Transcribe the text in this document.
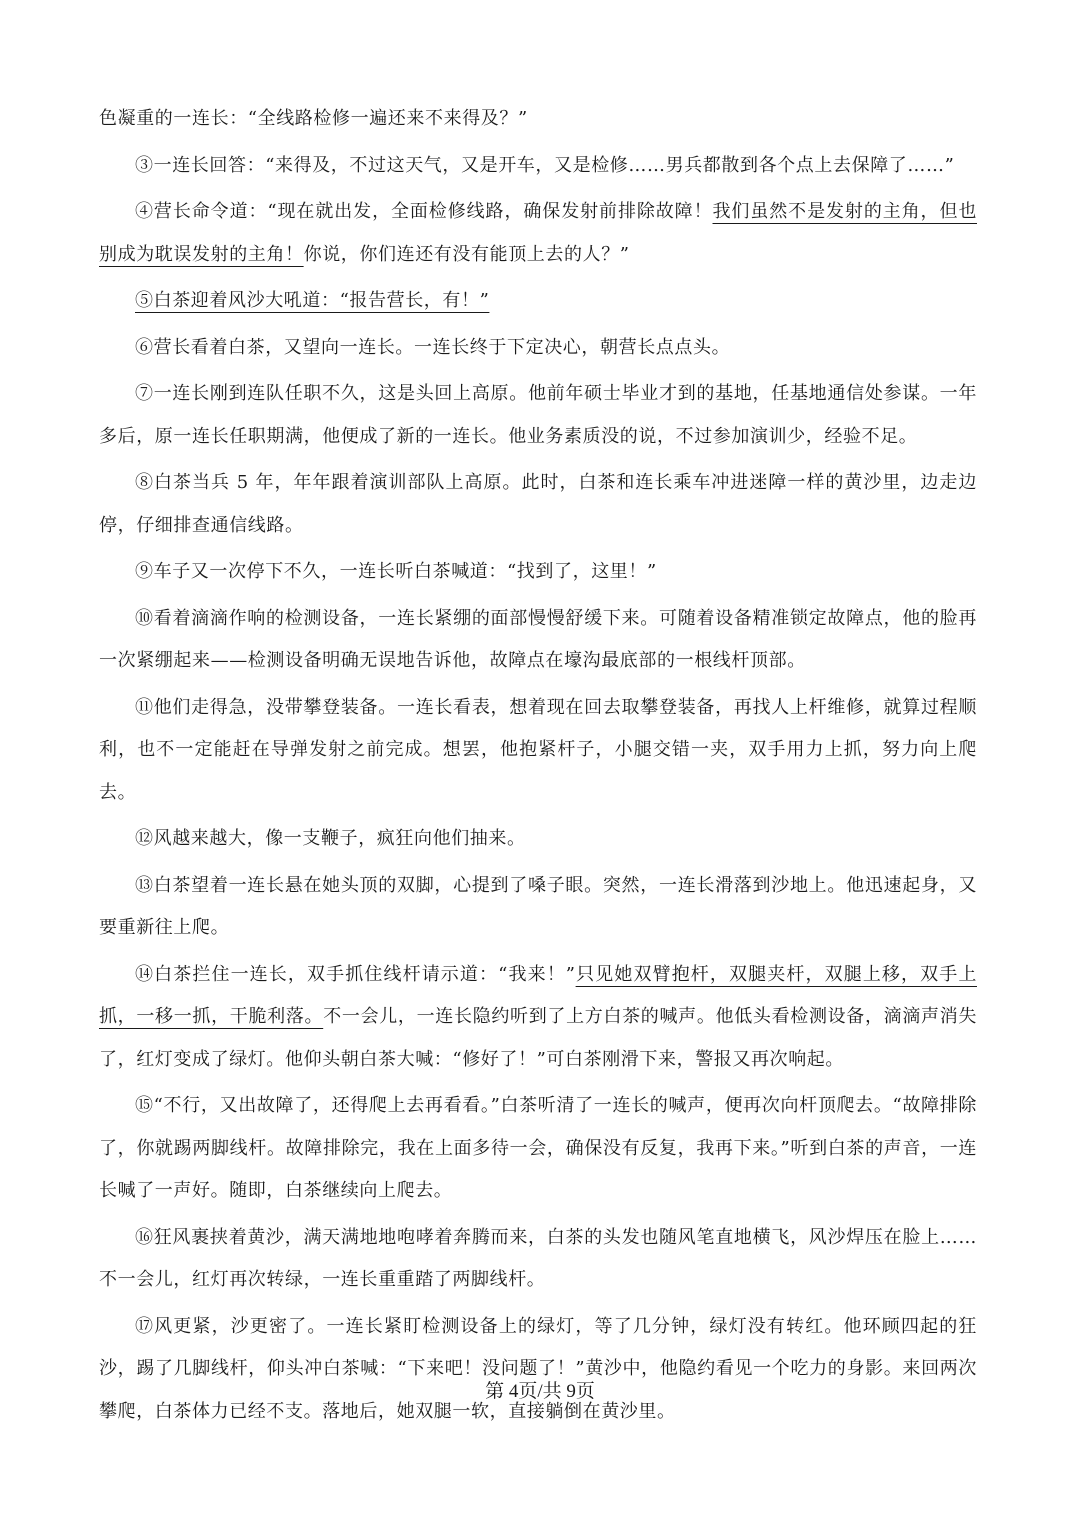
色凝重的一连长：“全线路检修一遍还来不来得及？”

③一连长回答：“来得及，不过这天气，又是开车，又是检修……男兵都散到各个点上去保障了……”

④营长命令道：“现在就出发，全面检修线路，确保发射前排除故障！我们虽然不是发射的主角，但也别成为耽误发射的主角！你说，你们连还有没有能顶上去的人？”

⑤白茶迎着风沙大吼道：“报告营长，有！”

⑥营长看着白茶，又望向一连长。一连长终于下定决心，朝营长点点头。

⑦一连长刚到连队任职不久，这是头回上高原。他前年硕士毕业才到的基地，任基地通信处参谋。一年多后，原一连长任职期满，他便成了新的一连长。他业务素质没的说，不过参加演训少，经验不足。

⑧白茶当兵 5 年，年年跟着演训部队上高原。此时，白茶和连长乘车冲进迷障一样的黄沙里，边走边停，仔细排查通信线路。

⑨车子又一次停下不久，一连长听白茶喊道：“找到了，这里！”

⑩看着滴滴作响的检测设备，一连长紧绷的面部慢慢舒缓下来。可随着设备精准锁定故障点，他的脸再一次紧绷起来——检测设备明确无误地告诉他，故障点在壕沟最底部的一根线杆顶部。

⑪他们走得急，没带攀登装备。一连长看表，想着现在回去取攀登装备，再找人上杆维修，就算过程顺利，也不一定能赶在导弹发射之前完成。想罢，他抱紧杆子，小腿交错一夹，双手用力上抓，努力向上爬去。

⑫风越来越大，像一支鞭子，疯狂向他们抽来。

⑬白茶望着一连长悬在她头顶的双脚，心提到了嗓子眼。突然，一连长滑落到沙地上。他迅速起身，又要重新往上爬。

⑭白茶拦住一连长，双手抓住线杆请示道：“我来！”只见她双臂抱杆，双腿夹杆，双腿上移，双手上抓，一移一抓，干脆利落。不一会儿，一连长隐约听到了上方白茶的喊声。他低头看检测设备，滴滴声消失了，红灯变成了绿灯。他仰头朝白茶大喊：“修好了！”可白茶刚滑下来，警报又再次响起。

⑮“不行，又出故障了，还得爬上去再看看。”白茶听清了一连长的喊声，便再次向杆顶爬去。“故障排除了，你就踢两脚线杆。故障排除完，我在上面多待一会，确保没有反复，我再下来。”听到白茶的声音，一连长喊了一声好。随即，白茶继续向上爬去。

⑯狂风裹挟着黄沙，满天满地地咆哮着奔腾而来，白茶的头发也随风笔直地横飞，风沙焊压在脸上……不一会儿，红灯再次转绿，一连长重重踏了两脚线杆。

⑰风更紧，沙更密了。一连长紧盯检测设备上的绿灯，等了几分钟，绿灯没有转红。他环顾四起的狂沙，踢了几脚线杆，仰头冲白茶喊：“下来吧！没问题了！”黄沙中，他隐约看见一个吃力的身影。来回两次攀爬，白茶体力已经不支。落地后，她双腿一软，直接躺倒在黄沙里。

第 4页/共 9页
